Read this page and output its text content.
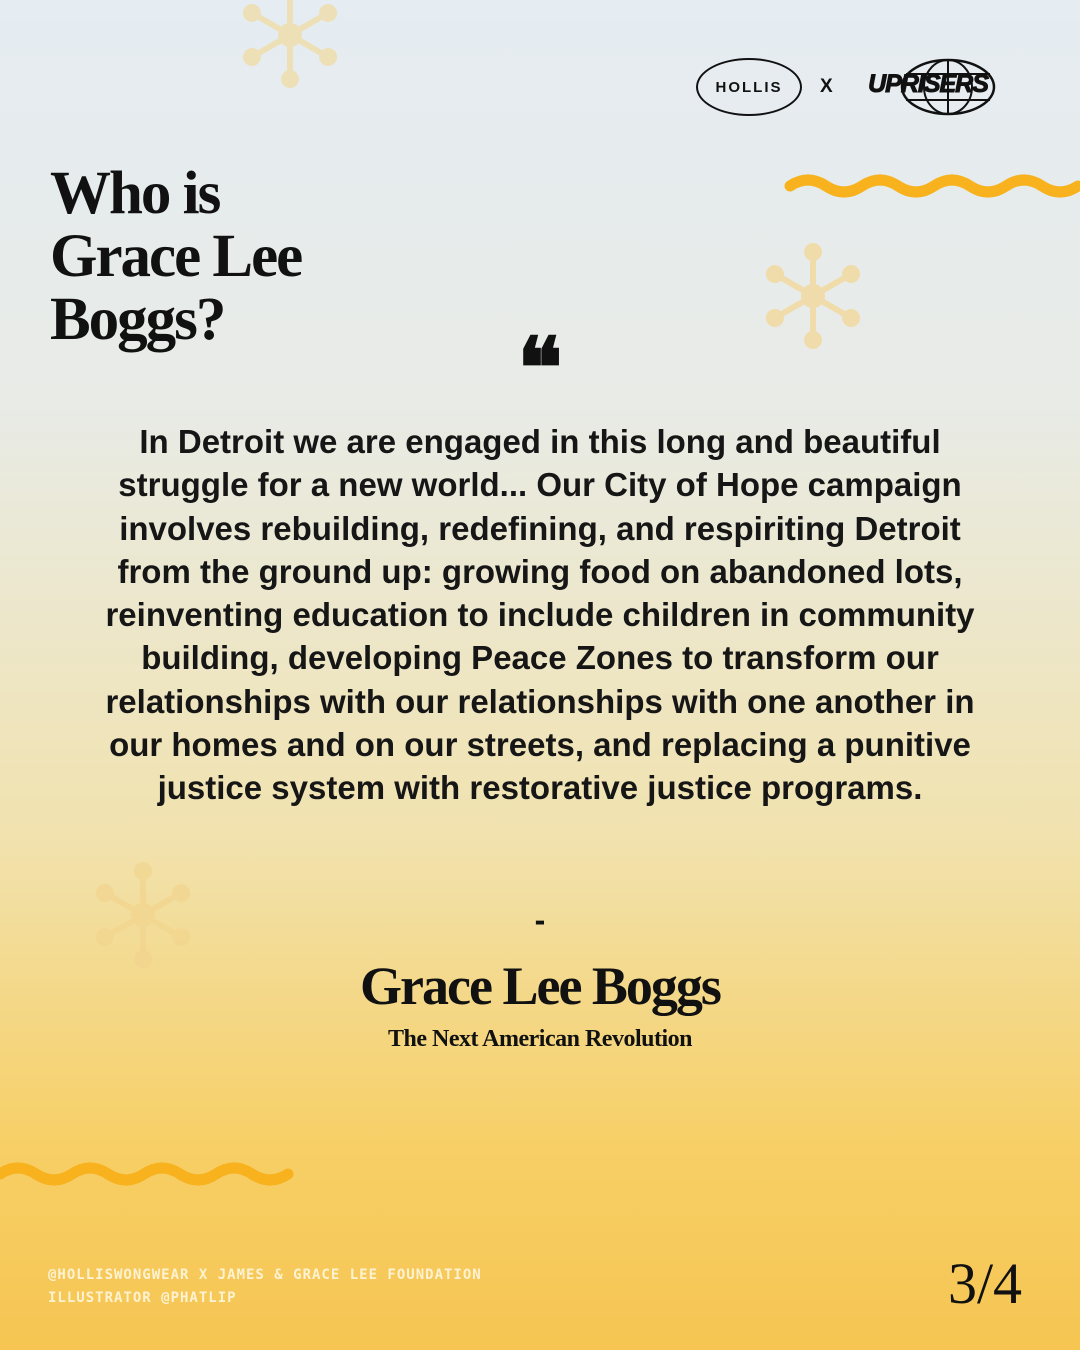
HOLLIS X	UPRISERS
Who is Grace Lee Boggs?
❝

In Detroit we are engaged in this long and beautiful struggle for a new world... Our City of Hope campaign involves rebuilding, redefining, and respiriting Detroit from the ground up: growing food on abandoned lots, reinventing education to include children in community building, developing Peace Zones to transform our relationships with our relationships with one another in our homes and on our streets, and replacing a punitive justice system with restorative justice programs.

-
Grace Lee Boggs
The Next American Revolution
@HOLLISWONGWEAR X JAMES & GRACE LEE FOUNDATION
ILLUSTRATOR @PHATLIP	3/4
